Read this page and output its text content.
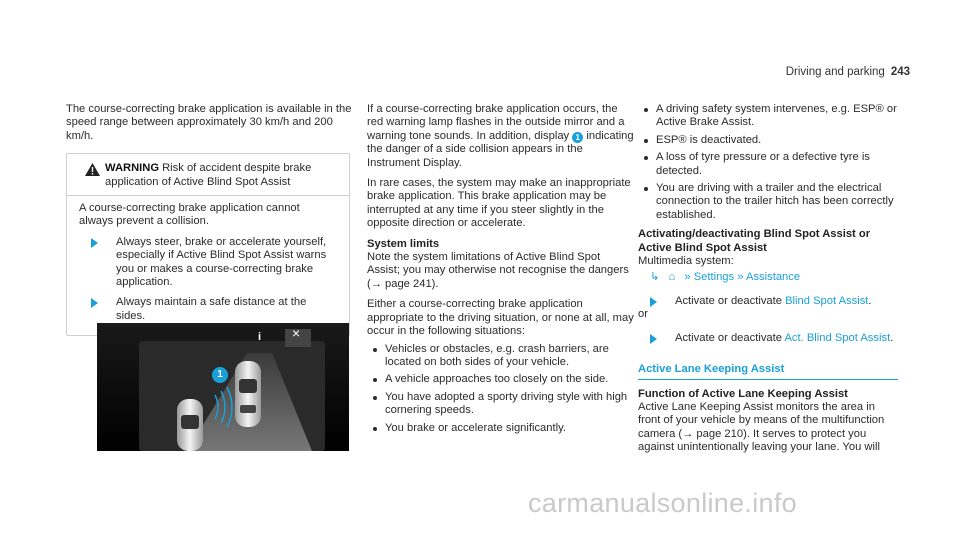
Driving and parking 243

The course-correcting brake application is available in the speed range between approximately 30 km/h and 200 km/h.

WARNING Risk of accident despite brake application of Active Blind Spot Assist
A course-correcting brake application cannot always prevent a collision.
Always steer, brake or accelerate yourself, especially if Active Blind Spot Assist warns you or makes a course-correcting brake application.
Always maintain a safe distance at the sides.
1
i ×

If a course-correcting brake application occurs, the red warning lamp flashes in the outside mirror and a warning tone sounds. In addition, display 1 indicating the danger of a side collision appears in the Instrument Display.

In rare cases, the system may make an inappropriate brake application. This brake application may be interrupted at any time if you steer slightly in the opposite direction or accelerate.

System limits

Note the system limitations of Active Blind Spot Assist; you may otherwise not recognise the dangers (→ page 241).

Either a course-correcting brake application appropriate to the driving situation, or none at all, may occur in the following situations:

Vehicles or obstacles, e.g. crash barriers, are located on both sides of your vehicle.
A vehicle approaches too closely on the side.
You have adopted a sporty driving style with high cornering speeds.
You brake or accelerate significantly.
A driving safety system intervenes, e.g. ESP® or Active Brake Assist.
ESP® is deactivated.
A loss of tyre pressure or a defective tyre is detected.
You are driving with a trailer and the electrical connection to the trailer hitch has been correctly established.
Activating/deactivating Blind Spot Assist or Active Blind Spot Assist
Multimedia system:
↳ ⌂ » Settings » Assistance
Activate or deactivate Blind Spot Assist.
or
Activate or deactivate Act. Blind Spot Assist.
Active Lane Keeping Assist
Function of Active Lane Keeping Assist
Active Lane Keeping Assist monitors the area in front of your vehicle by means of the multifunction camera (→ page 210). It serves to protect you against unintentionally leaving your lane. You will
carmanualsonline.info
